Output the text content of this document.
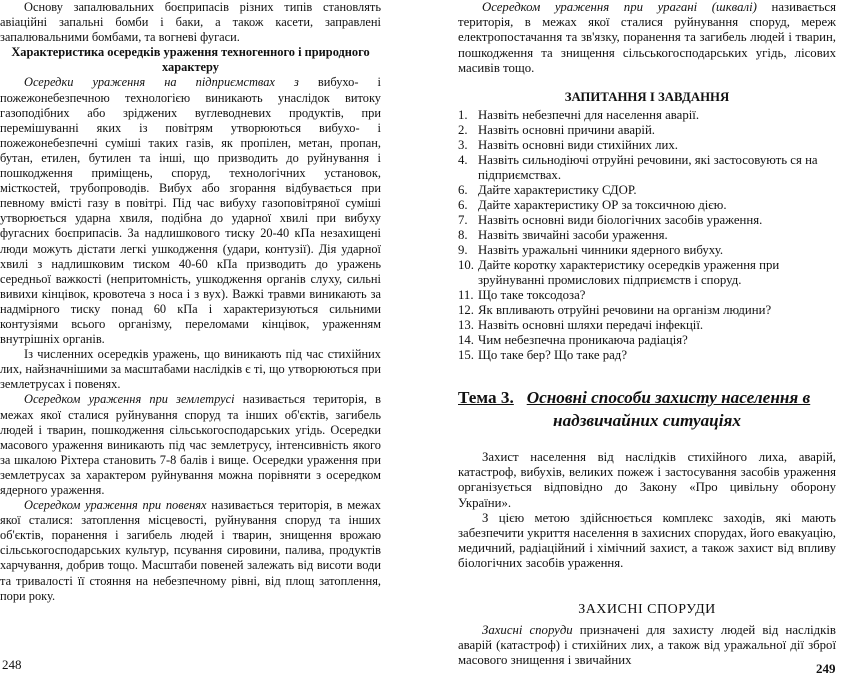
Основу запалювальних боєприпасів різних типів становлять авіаційні запальні бомби і баки, а також касети, заправлені запалювальними бомбами, та вогневі фугаси.

Характеристика осередків ураження техногенного і природного характеру

Осередки ураження на підприємствах з вибухо- і пожежонебезпечною технологією виникають унаслідок витоку газоподібних або зріджених вуглеводневих продуктів, при перемішуванні яких із повітрям утворюються вибухо- і пожежонебезпечні суміші таких газів, як пропілен, метан, пропан, бутан, етилен, бутилен та інші, що призводить до руйнування і пошкодження приміщень, споруд, технологічних установок, місткостей, трубопроводів. Вибух або згорання відбувається при певному вмісті газу в повітрі. Під час вибуху газоповітряної суміші утворюється ударна хвиля, подібна до ударної хвилі при вибуху фугасних боєприпасів. За надлишкового тиску 20-40 кПа незахищені люди можуть дістати легкі ушкодження (удари, контузії). Дія ударної хвилі з надлишковим тиском 40-60 кПа призводить до уражень середньої важкості (непритомність, ушкодження органів слуху, сильні вивихи кінцівок, кровотеча з носа і з вух). Важкі травми виникають за надмірного тиску понад 60 кПа і характеризуються сильними контузіями всього організму, переломами кінцівок, ураженням внутрішніх органів.

Із численних осередків уражень, що виникають під час стихійних лих, найзначнішими за масштабами наслідків є ті, що утворюються при землетрусах і повенях.

Осередком ураження при землетрусі називається територія, в межах якої сталися руйнування споруд та інших об'єктів, загибель людей і тварин, пошкодження сільськогосподарських угідь. Осередки масового ураження виникають під час землетрусу, інтенсивність якого за шкалою Ріхтера становить 7-8 балів і вище. Осередки ураження при землетрусах за характером руйнування можна порівняти з осередком ядерного ураження.

Осередком ураження при повенях називається територія, в межах якої сталися: затоплення місцевості, руйнування споруд та інших об'єктів, поранення і загибель людей і тварин, знищення врожаю сільськогосподарських культур, псування сировини, палива, продуктів харчування, добрив тощо. Масштаби повеней залежать від висоти води та тривалості її стояння на небезпечному рівні, від площ затоплення, пори року.

Осередком ураження при урагані (шквалі) називається територія, в межах якої сталися руйнування споруд, мереж електропостачання та зв'язку, поранення та загибель людей і тварин, пошкодження та знищення сільськогосподарських угідь, лісових масивів тощо.

ЗАПИТАННЯ І ЗАВДАННЯ

1. Назвіть небезпечні для населення аварії.
2. Назвіть основні причини аварій.
3. Назвіть основні види стихійних лих.
4. Назвіть сильнодіючі отруйні речовини, які застосовують ся на підприємствах.
6. Дайте характеристику СДОР.
6. Дайте характеристику ОР за токсичною дією.
7. Назвіть основні види біологічних засобів ураження.
8. Назвіть звичайні засоби ураження.
9. Назвіть уражальні чинники ядерного вибуху.
10. Дайте коротку характеристику осередків ураження при зруйнуванні промислових підприємств і споруд.
11. Що таке токсодоза?
12. Як впливають отруйні речовини на організм людини?
13. Назвіть основні шляхи передачі інфекції.
14. Чим небезпечна проникаюча радіація?
15. Що таке бер? Що таке рад?
Тема 3. Основні способи захисту населення в
надзвичайних ситуаціях

Захист населення від наслідків стихійного лиха, аварій, катастроф, вибухів, великих пожеж і застосування засобів ураження організується відповідно до Закону «Про цивільну оборону України».

З цією метою здійснюється комплекс заходів, які мають забезпечити укриття населення в захисних спорудах, його евакуацію, медичний, радіаційний і хімічний захист, а також захист від впливу біологічних засобів ураження.

ЗАХИСНІ СПОРУДИ

Захисні споруди призначені для захисту людей від наслідків аварій (катастроф) і стихійних лих, а також від уражальної дії зброї масового знищення і звичайних

248	249
